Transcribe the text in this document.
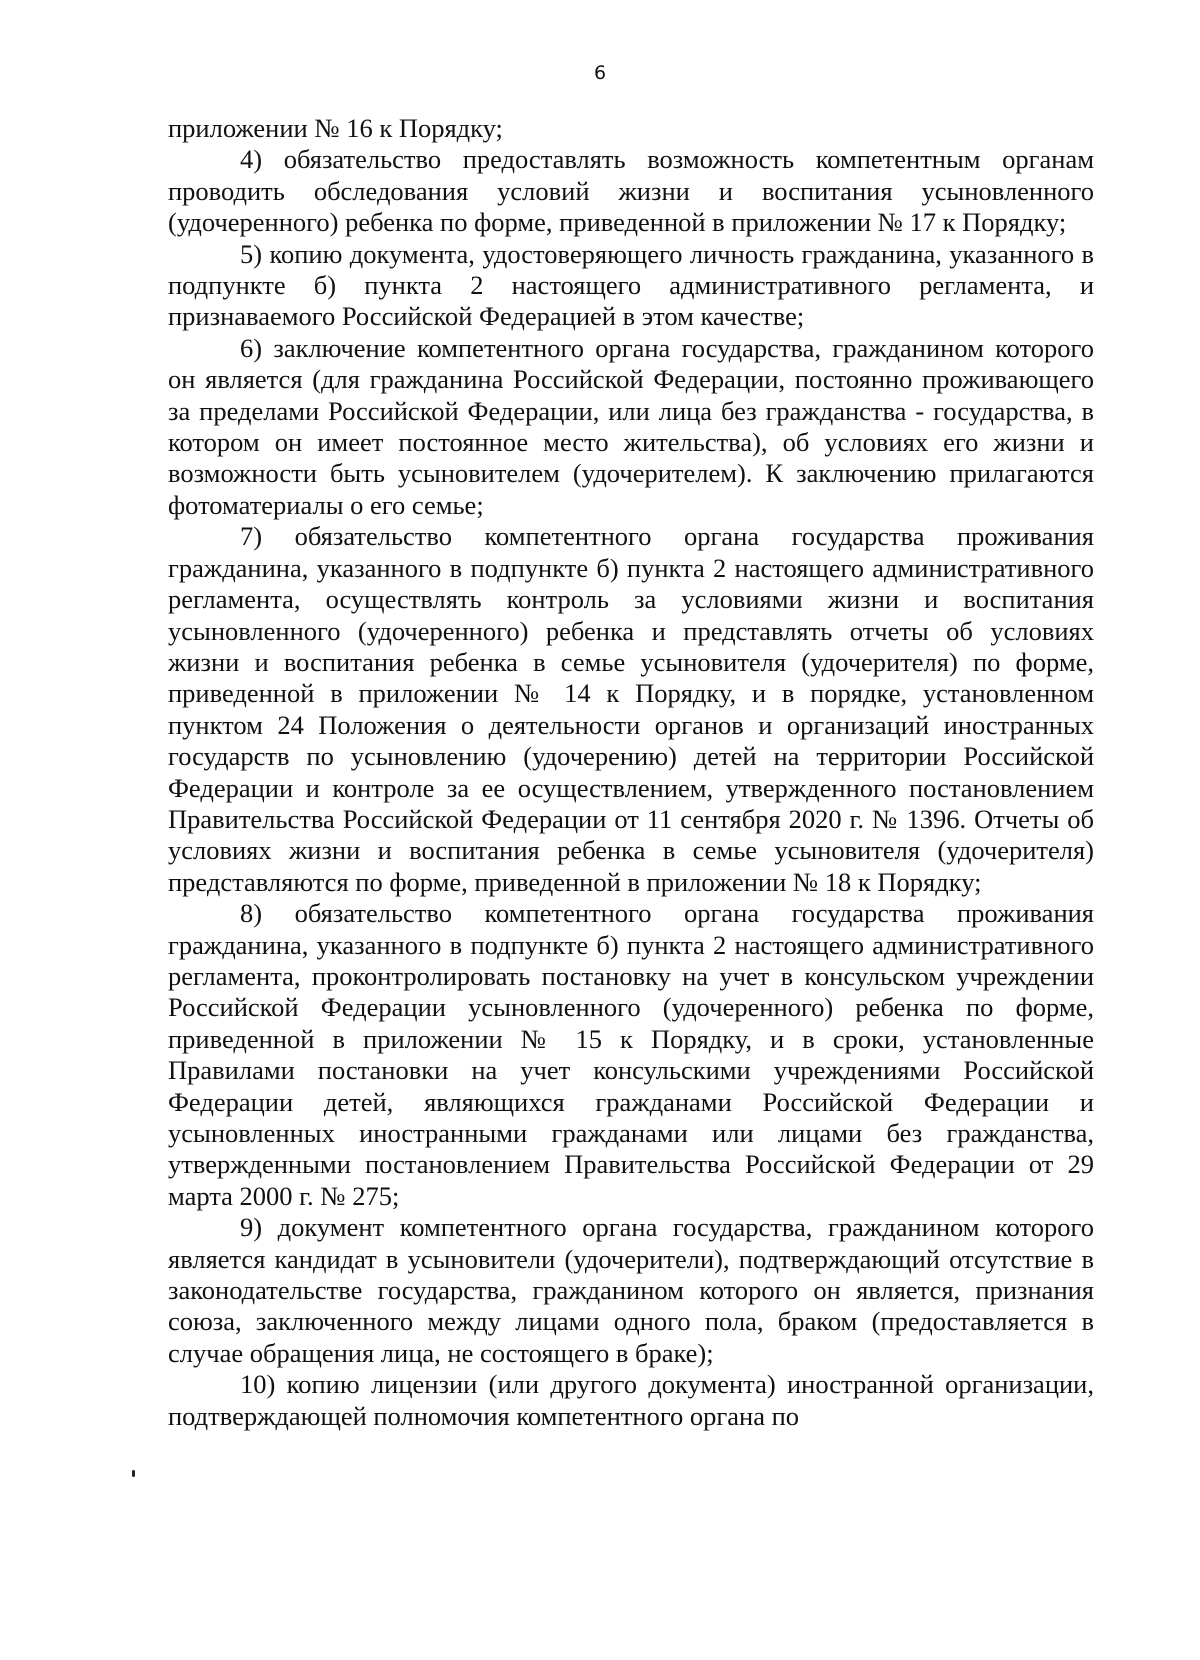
6

приложении № 16 к Порядку;

4) обязательство предоставлять возможность компетентным органам проводить обследования условий жизни и воспитания усыновленного (удочеренного) ребенка по форме, приведенной в приложении № 17 к Порядку;

5) копию документа, удостоверяющего личность гражданина, указанного в подпункте б) пункта 2 настоящего административного регламента, и признаваемого Российской Федерацией в этом качестве;

6) заключение компетентного органа государства, гражданином которого он является (для гражданина Российской Федерации, постоянно проживающего за пределами Российской Федерации, или лица без гражданства - государства, в котором он имеет постоянное место жительства), об условиях его жизни и возможности быть усыновителем (удочерителем). К заключению прилагаются фотоматериалы о его семье;

7) обязательство компетентного органа государства проживания гражданина, указанного в подпункте б) пункта 2 настоящего административного регламента, осуществлять контроль за условиями жизни и воспитания усыновленного (удочеренного) ребенка и представлять отчеты об условиях жизни и воспитания ребенка в семье усыновителя (удочерителя) по форме, приведенной в приложении № 14 к Порядку, и в порядке, установленном пунктом 24 Положения о деятельности органов и организаций иностранных государств по усыновлению (удочерению) детей на территории Российской Федерации и контроле за ее осуществлением, утвержденного постановлением Правительства Российской Федерации от 11 сентября 2020 г. № 1396. Отчеты об условиях жизни и воспитания ребенка в семье усыновителя (удочерителя) представляются по форме, приведенной в приложении № 18 к Порядку;

8) обязательство компетентного органа государства проживания гражданина, указанного в подпункте б) пункта 2 настоящего административного регламента, проконтролировать постановку на учет в консульском учреждении Российской Федерации усыновленного (удочеренного) ребенка по форме, приведенной в приложении № 15 к Порядку, и в сроки, установленные Правилами постановки на учет консульскими учреждениями Российской Федерации детей, являющихся гражданами Российской Федерации и усыновленных иностранными гражданами или лицами без гражданства, утвержденными постановлением Правительства Российской Федерации от 29 марта 2000 г. № 275;

9) документ компетентного органа государства, гражданином которого является кандидат в усыновители (удочерители), подтверждающий отсутствие в законодательстве государства, гражданином которого он является, признания союза, заключенного между лицами одного пола, браком (предоставляется в случае обращения лица, не состоящего в браке);

10) копию лицензии (или другого документа) иностранной организации, подтверждающей полномочия компетентного органа по
